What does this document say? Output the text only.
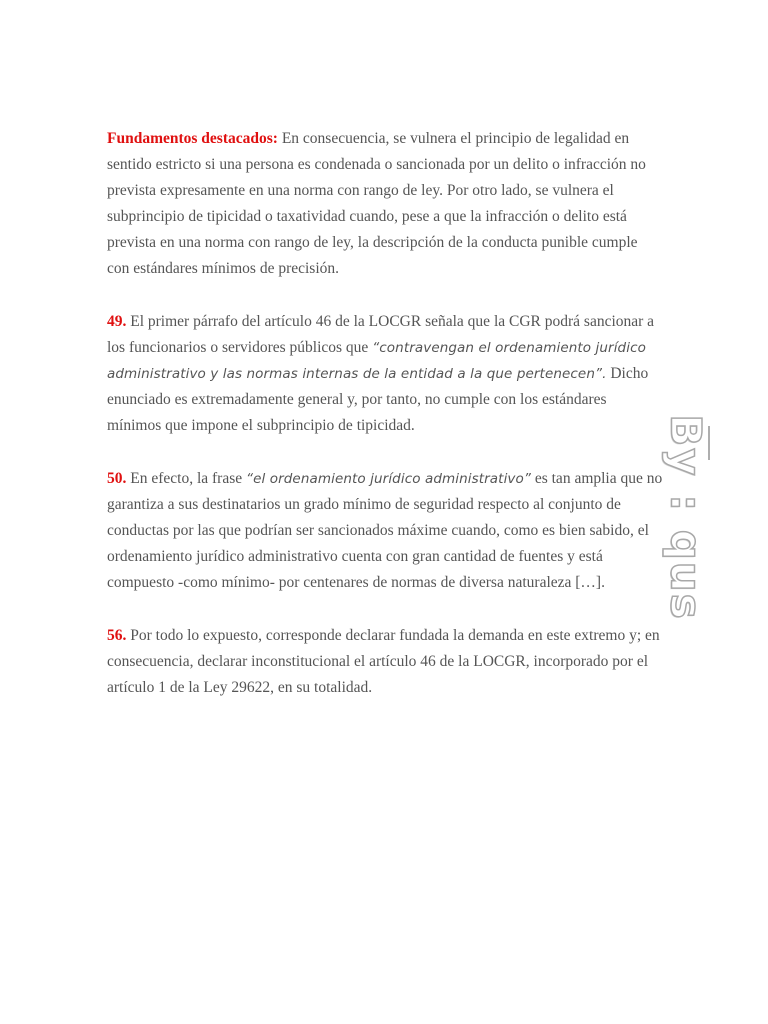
Fundamentos destacados: En consecuencia, se vulnera el principio de legalidad en sentido estricto si una persona es condenada o sancionada por un delito o infracción no prevista expresamente en una norma con rango de ley. Por otro lado, se vulnera el subprincipio de tipicidad o taxatividad cuando, pese a que la infracción o delito está prevista en una norma con rango de ley, la descripción de la conducta punible cumple con estándares mínimos de precisión.

49. El primer párrafo del artículo 46 de la LOCGR señala que la CGR podrá sancionar a los funcionarios o servidores públicos que “contravengan el ordenamiento jurídico administrativo y las normas internas de la entidad a la que pertenecen”. Dicho enunciado es extremadamente general y, por tanto, no cumple con los estándares mínimos que impone el subprincipio de tipicidad.

50. En efecto, la frase “el ordenamiento jurídico administrativo” es tan amplia que no garantiza a sus destinatarios un grado mínimo de seguridad respecto al conjunto de conductas por las que podrían ser sancionados máxime cuando, como es bien sabido, el ordenamiento jurídico administrativo cuenta con gran cantidad de fuentes y está compuesto -como mínimo- por centenares de normas de diversa naturaleza […].

56. Por todo lo expuesto, corresponde declarar fundada la demanda en este extremo y; en consecuencia, declarar inconstitucional el artículo 46 de la LOCGR, incorporado por el artículo 1 de la Ley 29622, en su totalidad.

By : qus
